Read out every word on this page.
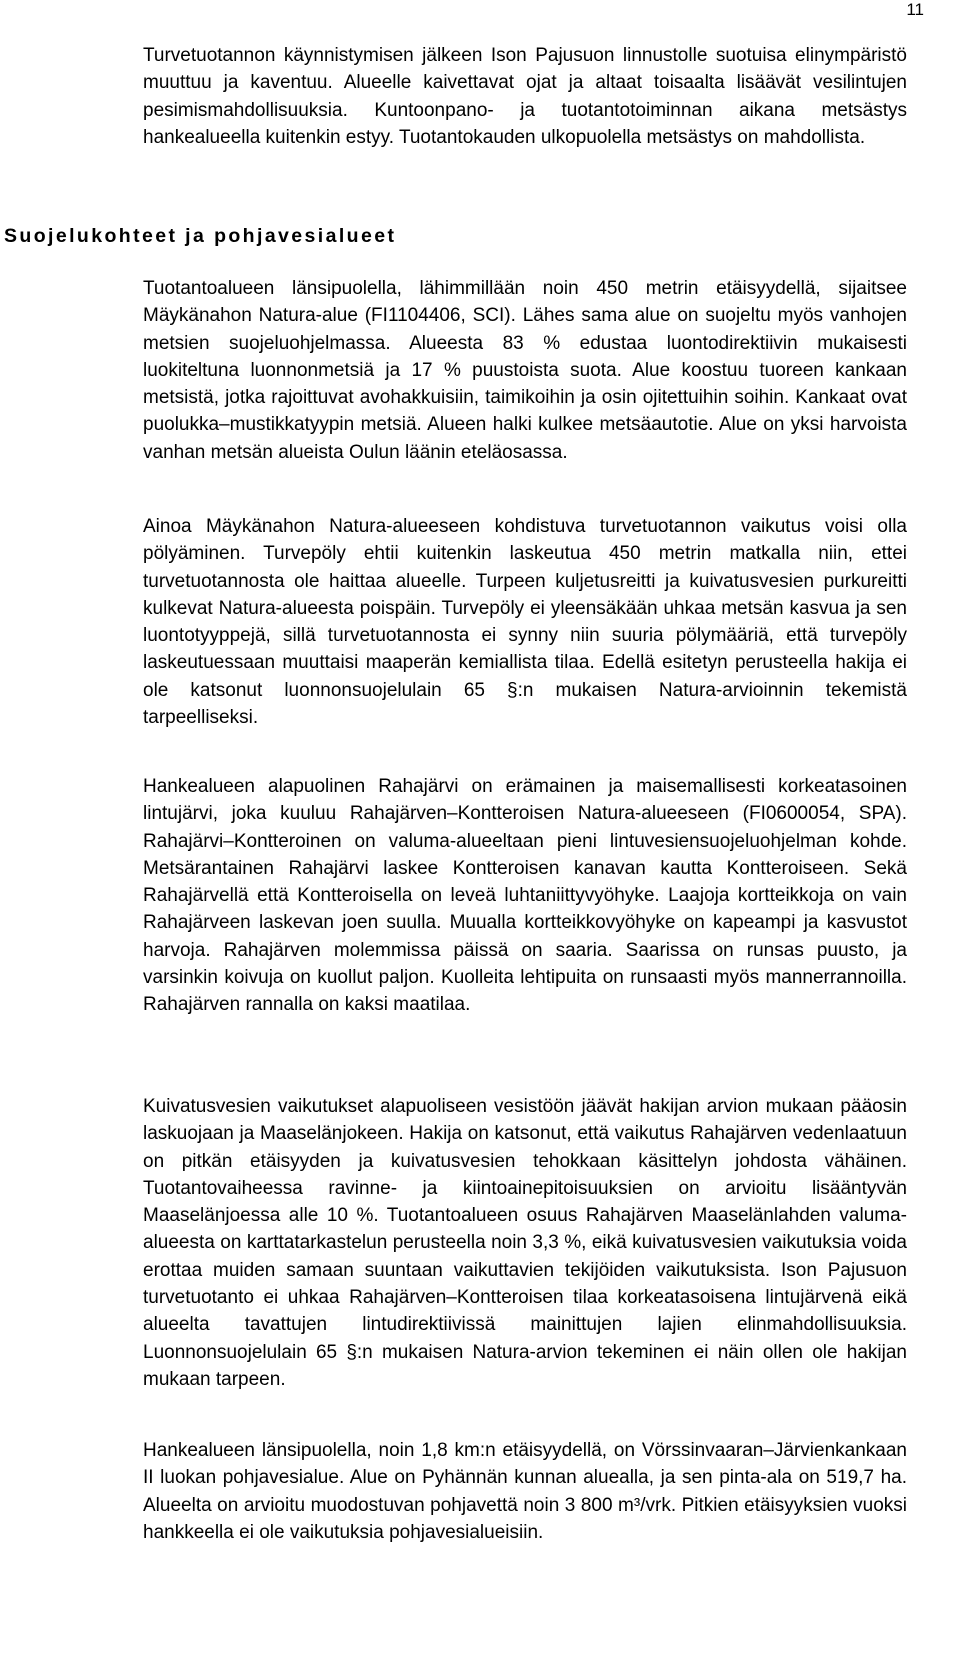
11

Turvetuotannon käynnistymisen jälkeen Ison Pajusuon linnustolle suotuisa elinympäristö muuttuu ja kaventuu. Alueelle kaivettavat ojat ja altaat toisaalta lisäävät vesilintujen pesimismahdollisuuksia. Kuntoonpano- ja tuotantotoiminnan aikana metsästys hankealueella kuitenkin estyy. Tuotantokauden ulkopuolella metsästys on mahdollista.

Suojelukohteet ja pohjavesialueet

Tuotantoalueen länsipuolella, lähimmillään noin 450 metrin etäisyydellä, sijaitsee Mäykänahon Natura-alue (FI1104406, SCI). Lähes sama alue on suojeltu myös vanhojen metsien suojeluohjelmassa. Alueesta 83 % edustaa luontodirektiivin mukaisesti luokiteltuna luonnonmetsiä ja 17 % puustoista suota. Alue koostuu tuoreen kankaan metsistä, jotka rajoittuvat avohakkuisiin, taimikoihin ja osin ojitettuihin soihin. Kankaat ovat puolukka–mustikkatyypin metsiä. Alueen halki kulkee metsäautotie. Alue on yksi harvoista vanhan metsän alueista Oulun läänin eteläosassa.

Ainoa Mäykänahon Natura-alueeseen kohdistuva turvetuotannon vaikutus voisi olla pölyäminen. Turvepöly ehtii kuitenkin laskeutua 450 metrin matkalla niin, ettei turvetuotannosta ole haittaa alueelle. Turpeen kuljetusreitti ja kuivatusvesien purkureitti kulkevat Natura-alueesta poispäin. Turvepöly ei yleensäkään uhkaa metsän kasvua ja sen luontotyyppejä, sillä turvetuotannosta ei synny niin suuria pölymääriä, että turvepöly laskeutuessaan muuttaisi maaperän kemiallista tilaa. Edellä esitetyn perusteella hakija ei ole katsonut luonnonsuojelulain 65 §:n mukaisen Natura-arvioinnin tekemistä tarpeelliseksi.

Hankealueen alapuolinen Rahajärvi on erämainen ja maisemallisesti korkeatasoinen lintujärvi, joka kuuluu Rahajärven–Kontteroisen Natura-alueeseen (FI0600054, SPA). Rahajärvi–Kontteroinen on valuma-alueeltaan pieni lintuvesiensuojeluohjelman kohde. Metsärantainen Rahajärvi laskee Kontteroisen kanavan kautta Kontteroiseen. Sekä Rahajärvellä että Kontteroisella on leveä luhtaniittyvyöhyke. Laajoja kortteikkoja on vain Rahajärveen laskevan joen suulla. Muualla kortteikkovyöhyke on kapeampi ja kasvustot harvoja. Rahajärven molemmissa päissä on saaria. Saarissa on runsas puusto, ja varsinkin koivuja on kuollut paljon. Kuolleita lehtipuita on runsaasti myös mannerrannoilla. Rahajärven rannalla on kaksi maatilaa.

Kuivatusvesien vaikutukset alapuoliseen vesistöön jäävät hakijan arvion mukaan pääosin laskuojaan ja Maaselänjokeen. Hakija on katsonut, että vaikutus Rahajärven vedenlaatuun on pitkän etäisyyden ja kuivatusvesien tehokkaan käsittelyn johdosta vähäinen. Tuotantovaiheessa ravinne- ja kiintoainepitoisuuksien on arvioitu lisääntyvän Maaselänjoessa alle 10 %. Tuotantoalueen osuus Rahajärven Maaselänlahden valuma-alueesta on karttatarkastelun perusteella noin 3,3 %, eikä kuivatusvesien vaikutuksia voida erottaa muiden samaan suuntaan vaikuttavien tekijöiden vaikutuksista. Ison Pajusuon turvetuotanto ei uhkaa Rahajärven–Kontteroisen tilaa korkeatasoisena lintujärvenä eikä alueelta tavattujen lintudirektiivissä mainittujen lajien elinmahdollisuuksia. Luonnonsuojelulain 65 §:n mukaisen Natura-arvion tekeminen ei näin ollen ole hakijan mukaan tarpeen.

Hankealueen länsipuolella, noin 1,8 km:n etäisyydellä, on Vörssinvaaran–Järvienkankaan II luokan pohjavesialue. Alue on Pyhännän kunnan aluealla, ja sen pinta-ala on 519,7 ha. Alueelta on arvioitu muodostuvan pohjavettä noin 3 800 m³/vrk. Pitkien etäisyyksien vuoksi hankkeella ei ole vaikutuksia pohjavesialueisiin.
